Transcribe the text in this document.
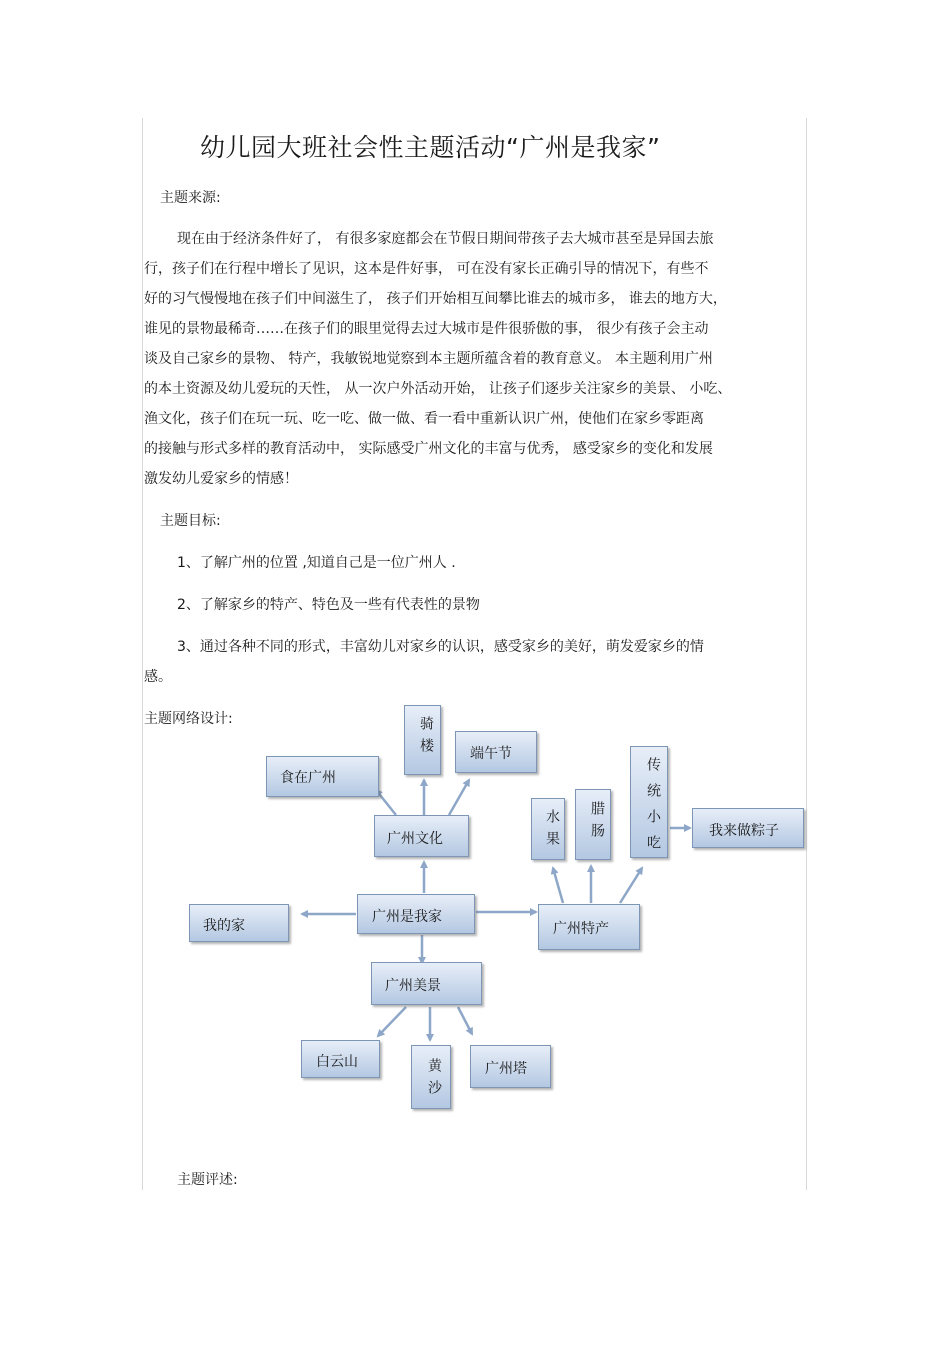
幼儿园大班社会性主题活动“广州是我家”
主题来源:
现在由于经济条件好了， 有很多家庭都会在节假日期间带孩子去大城市甚至是异国去旅
行，孩子们在行程中增长了见识，这本是件好事， 可在没有家长正确引导的情况下，有些不
好的习气慢慢地在孩子们中间滋生了， 孩子们开始相互间攀比谁去的城市多， 谁去的地方大，
谁见的景物最稀奇……在孩子们的眼里觉得去过大城市是件很骄傲的事， 很少有孩子会主动
谈及自己家乡的景物、 特产，我敏锐地觉察到本主题所蕴含着的教育意义。 本主题利用广州
的本土资源及幼儿爱玩的天性， 从一次户外活动开始， 让孩子们逐步关注家乡的美景、 小吃、
渔文化，孩子们在玩一玩、吃一吃、做一做、看一看中重新认识广州，使他们在家乡零距离
的接触与形式多样的教育活动中， 实际感受广州文化的丰富与优秀， 感受家乡的变化和发展
激发幼儿爱家乡的情感！
主题目标:
1、了解广州的位置 ,知道自己是一位广州人 .
2、了解家乡的特产、特色及一些有代表性的景物
3、通过各种不同的形式，丰富幼儿对家乡的认识，感受家乡的美好，萌发爱家乡的情
感。
主题网络设计:
广州是我家
我的家
广州文化
食在广州
骑楼	端午节
广州特产
水果 腊肠	传统小吃	我来做粽子
广州美景
白云山	黄沙	广州塔
主题评述:
